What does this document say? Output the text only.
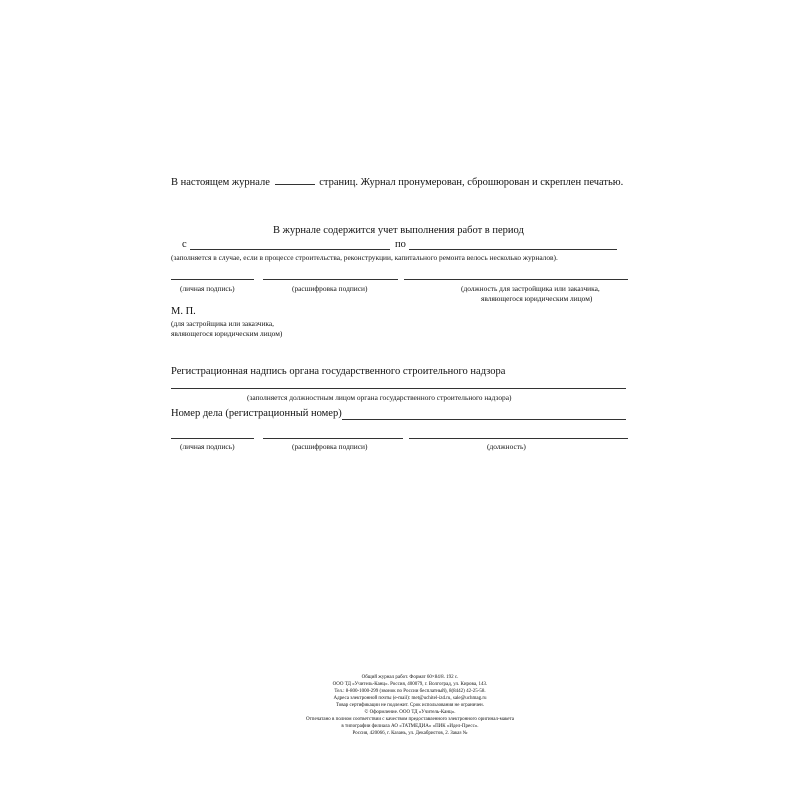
В настоящем журнале	страниц. Журнал пронумерован, сброшюрован и скреплен печатью.
В журнале содержится учет выполнения работ в период
с	по
(заполняется в случае, если в процессе строительства, реконструкции, капитального ремонта велось несколько журналов).
(личная подпись)	(расшифровка подписи)	(должность для застройщика или заказчика,
являющегося юридическим лицом)
М. П.
(для застройщика или заказчика,
являющегося юридическим лицом)
Регистрационная надпись органа государственного строительного надзора
(заполняется должностным лицом органа государственного строительного надзора)
Номер дела (регистрационный номер)
(личная подпись)	(расшифровка подписи)	(должность)
Общий журнал работ. Формат 60×84/8. 192 с.
ООО ТД «Учитель-Канц». Россия, 400079, г. Волгоград, ул. Кирова, 143.
Тел.: 8-800-1000-299 (звонок по России бесплатный), 8(8442) 42-25-58.
Адреса электронной почты (e-mail): met@uchitel-izd.ru, sale@uchmag.ru
Товар сертификации не подлежит. Срок использования не ограничен.
© Оформление. ООО ТД «Учитель-Канц».
Отпечатано в полном соответствии с качеством предоставленного электронного оригинал-макета
в типографии филиала АО «ТАТМЕДИА» «ПИК «Идел-Пресс».
Россия, 420066, г. Казань, ул. Декабристов, 2. Заказ №
